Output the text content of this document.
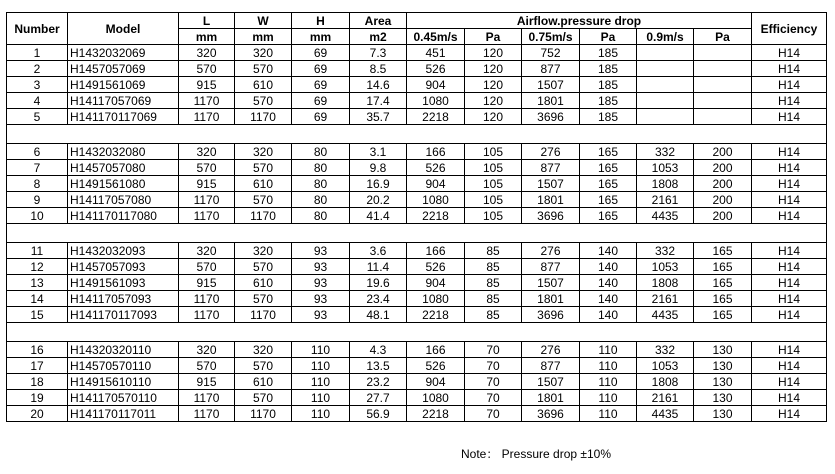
Number	Model	L	W	H	Area	Airflow.pressure drop						Efficiency
		mm	mm	mm	m2	0.45m/s	Pa	0.75m/s	Pa	0.9m/s	Pa	
1	H1432032069	320	320	69	7.3	451	120	752	185			H14
2	H1457057069	570	570	69	8.5	526	120	877	185			H14
3	H1491561069	915	610	69	14.6	904	120	1507	185			H14
4	H14117057069	1170	570	69	17.4	1080	120	1801	185			H14
5	H141170117069	1170	1170	69	35.7	2218	120	3696	185			H14

6	H1432032080	320	320	80	3.1	166	105	276	165	332	200	H14
7	H1457057080	570	570	80	9.8	526	105	877	165	1053	200	H14
8	H1491561080	915	610	80	16.9	904	105	1507	165	1808	200	H14
9	H14117057080	1170	570	80	20.2	1080	105	1801	165	2161	200	H14
10	H141170117080	1170	1170	80	41.4	2218	105	3696	165	4435	200	H14

11	H1432032093	320	320	93	3.6	166	85	276	140	332	165	H14
12	H1457057093	570	570	93	11.4	526	85	877	140	1053	165	H14
13	H1491561093	915	610	93	19.6	904	85	1507	140	1808	165	H14
14	H14117057093	1170	570	93	23.4	1080	85	1801	140	2161	165	H14
15	H141170117093	1170	1170	93	48.1	2218	85	3696	140	4435	165	H14

16	H14320320110	320	320	110	4.3	166	70	276	110	332	130	H14
17	H14570570110	570	570	110	13.5	526	70	877	110	1053	130	H14
18	H14915610110	915	610	110	23.2	904	70	1507	110	1808	130	H14
19	H141170570110	1170	570	110	27.7	1080	70	1801	110	2161	130	H14
20	H141170117011	1170	1170	110	56.9	2218	70	3696	110	4435	130	H14
Note： Pressure drop ±10%
